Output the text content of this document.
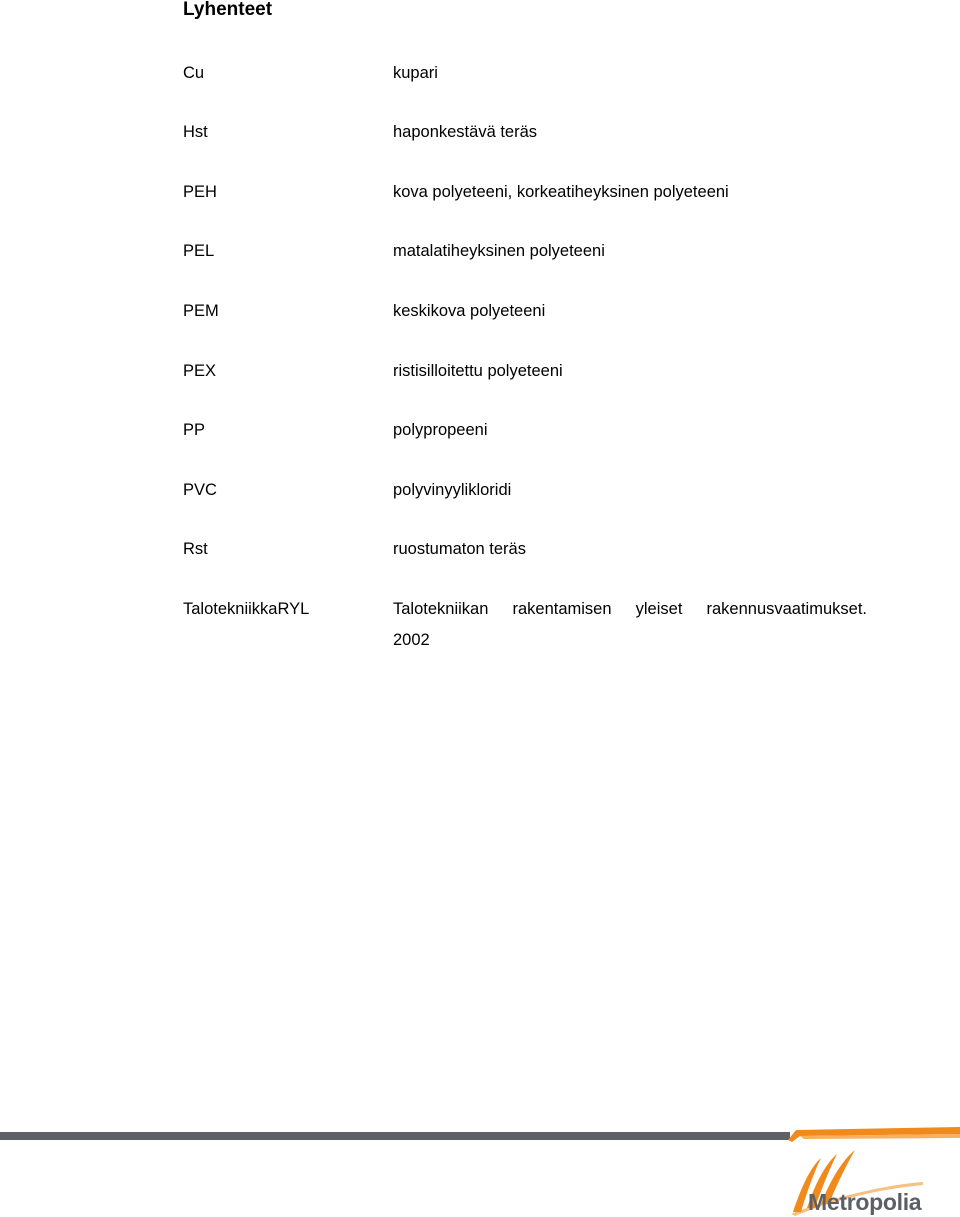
Lyhenteet
Cu	kupari
Hst	haponkestävä teräs
PEH	kova polyeteeni, korkeatiheyksinen polyeteeni
PEL	matalatiheyksinen polyeteeni
PEM	keskikova polyeteeni
PEX	ristisilloitettu polyeteeni
PP	polypropeeni
PVC	polyvinyylikloridi
Rst	ruostumaton teräs
TalotekniikkaRYL	Talotekniikan rakentamisen yleiset rakennusvaatimukset.
2002
Metropolia
